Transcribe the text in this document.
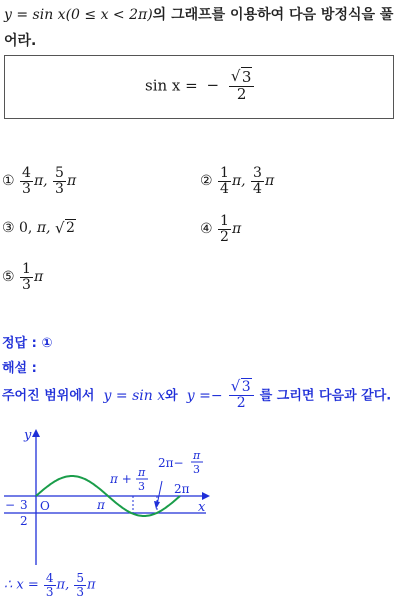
y = sin x(0 ≤ x < 2π)의 그래프를 이용하여 다음 방정식을 풀
어라.
sin x = − $\frac{√ 3}{2}$
① $\frac{4}{3} \pi$, $\frac{5}{3}$ π	② $\frac{1}{4} \pi$, $\frac{3}{4}$ π
③ 0, π, √ 2	④ $\frac{1}{2}$ π
⑤ $\frac{1}{3}$ π
정답 : ①
해설 :
주어진 범위에서 y = sin x와 $y =- \frac{√ 3}{2}$ 를 그리면 다음과 같다.
y
x
O	π
2π
− 3
2
π + π
3
2π−
π
3
∴ $x = \frac{4}{3} \pi$, $\frac{5}{3}$ π
